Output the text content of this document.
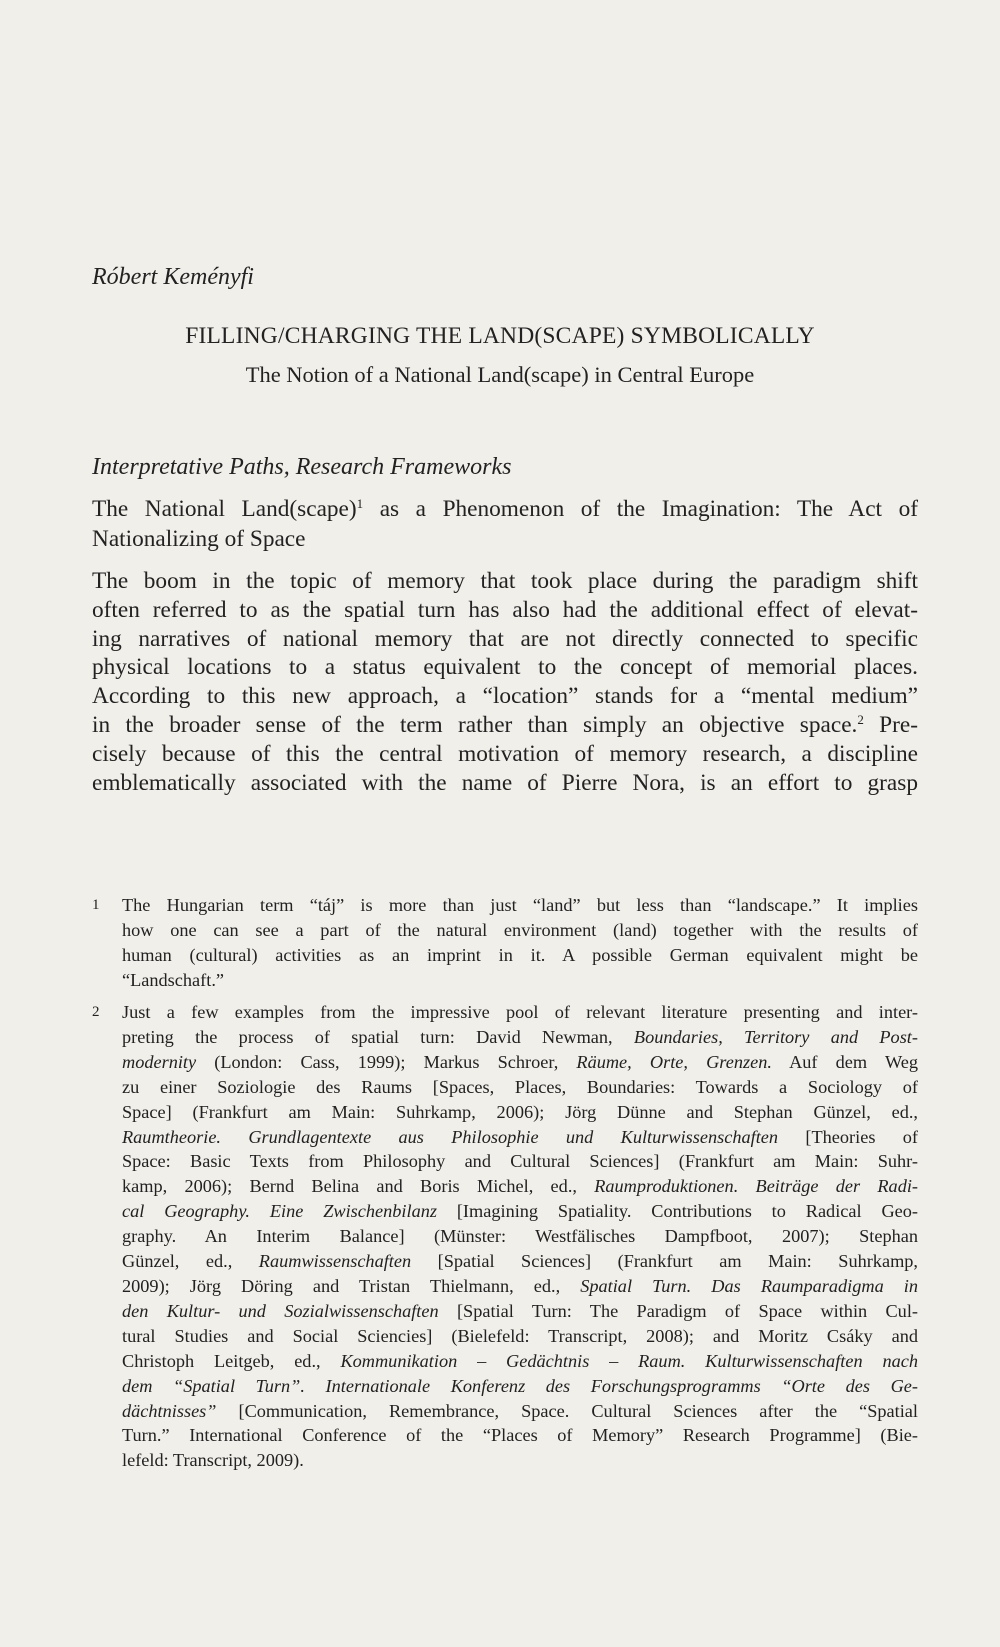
Róbert Keményfi
FILLING/CHARGING THE LAND(SCAPE) SYMBOLICALLY
The Notion of a National Land(scape) in Central Europe
Interpretative Paths, Research Frameworks
The National Land(scape)$^1$ as a Phenomenon of the Imagination: The Act of
Nationalizing of Space
The boom in the topic of memory that took place during the paradigm shift
often referred to as the spatial turn has also had the additional effect of elevat-
ing narratives of national memory that are not directly connected to specific
physical locations to a status equivalent to the concept of memorial places.
According to this new approach, a “location” stands for a “mental medium”
in the broader sense of the term rather than simply an objective space.$^2$ Pre-
cisely because of this the central motivation of memory research, a discipline
emblematically associated with the name of Pierre Nora, is an effort to grasp
1 The Hungarian term “táj” is more than just “land” but less than “landscape.” It implies
how one can see a part of the natural environment (land) together with the results of
human (cultural) activities as an imprint in it. A possible German equivalent might be
“Landschaft.”
2 Just a few examples from the impressive pool of relevant literature presenting and inter-
preting the process of spatial turn: David Newman, Boundaries, Territory and Post-
modernity (London: Cass, 1999); Markus Schroer, Räume, Orte, Grenzen. Auf dem Weg
zu einer Soziologie des Raums [Spaces, Places, Boundaries: Towards a Sociology of
Space] (Frankfurt am Main: Suhrkamp, 2006); Jörg Dünne and Stephan Günzel, ed.,
Raumtheorie. Grundlagentexte aus Philosophie und Kulturwissenschaften [Theories of
Space: Basic Texts from Philosophy and Cultural Sciences] (Frankfurt am Main: Suhr-
kamp, 2006); Bernd Belina and Boris Michel, ed., Raumproduktionen. Beiträge der Radi-
cal Geography. Eine Zwischenbilanz [Imagining Spatiality. Contributions to Radical Geo-
graphy. An Interim Balance] (Münster: Westfälisches Dampfboot, 2007); Stephan
Günzel, ed., Raumwissenschaften [Spatial Sciences] (Frankfurt am Main: Suhrkamp,
2009); Jörg Döring and Tristan Thielmann, ed., Spatial Turn. Das Raumparadigma in
den Kultur- und Sozialwissenschaften [Spatial Turn: The Paradigm of Space within Cul-
tural Studies and Social Sciencies] (Bielefeld: Transcript, 2008); and Moritz Csáky and
Christoph Leitgeb, ed., Kommunikation – Gedächtnis – Raum. Kulturwissenschaften nach
dem “Spatial Turn”. Internationale Konferenz des Forschungsprogramms “Orte des Ge-
dächtnisses” [Communication, Remembrance, Space. Cultural Sciences after the “Spatial
Turn.” International Conference of the “Places of Memory” Research Programme] (Bie-
lefeld: Transcript, 2009).
